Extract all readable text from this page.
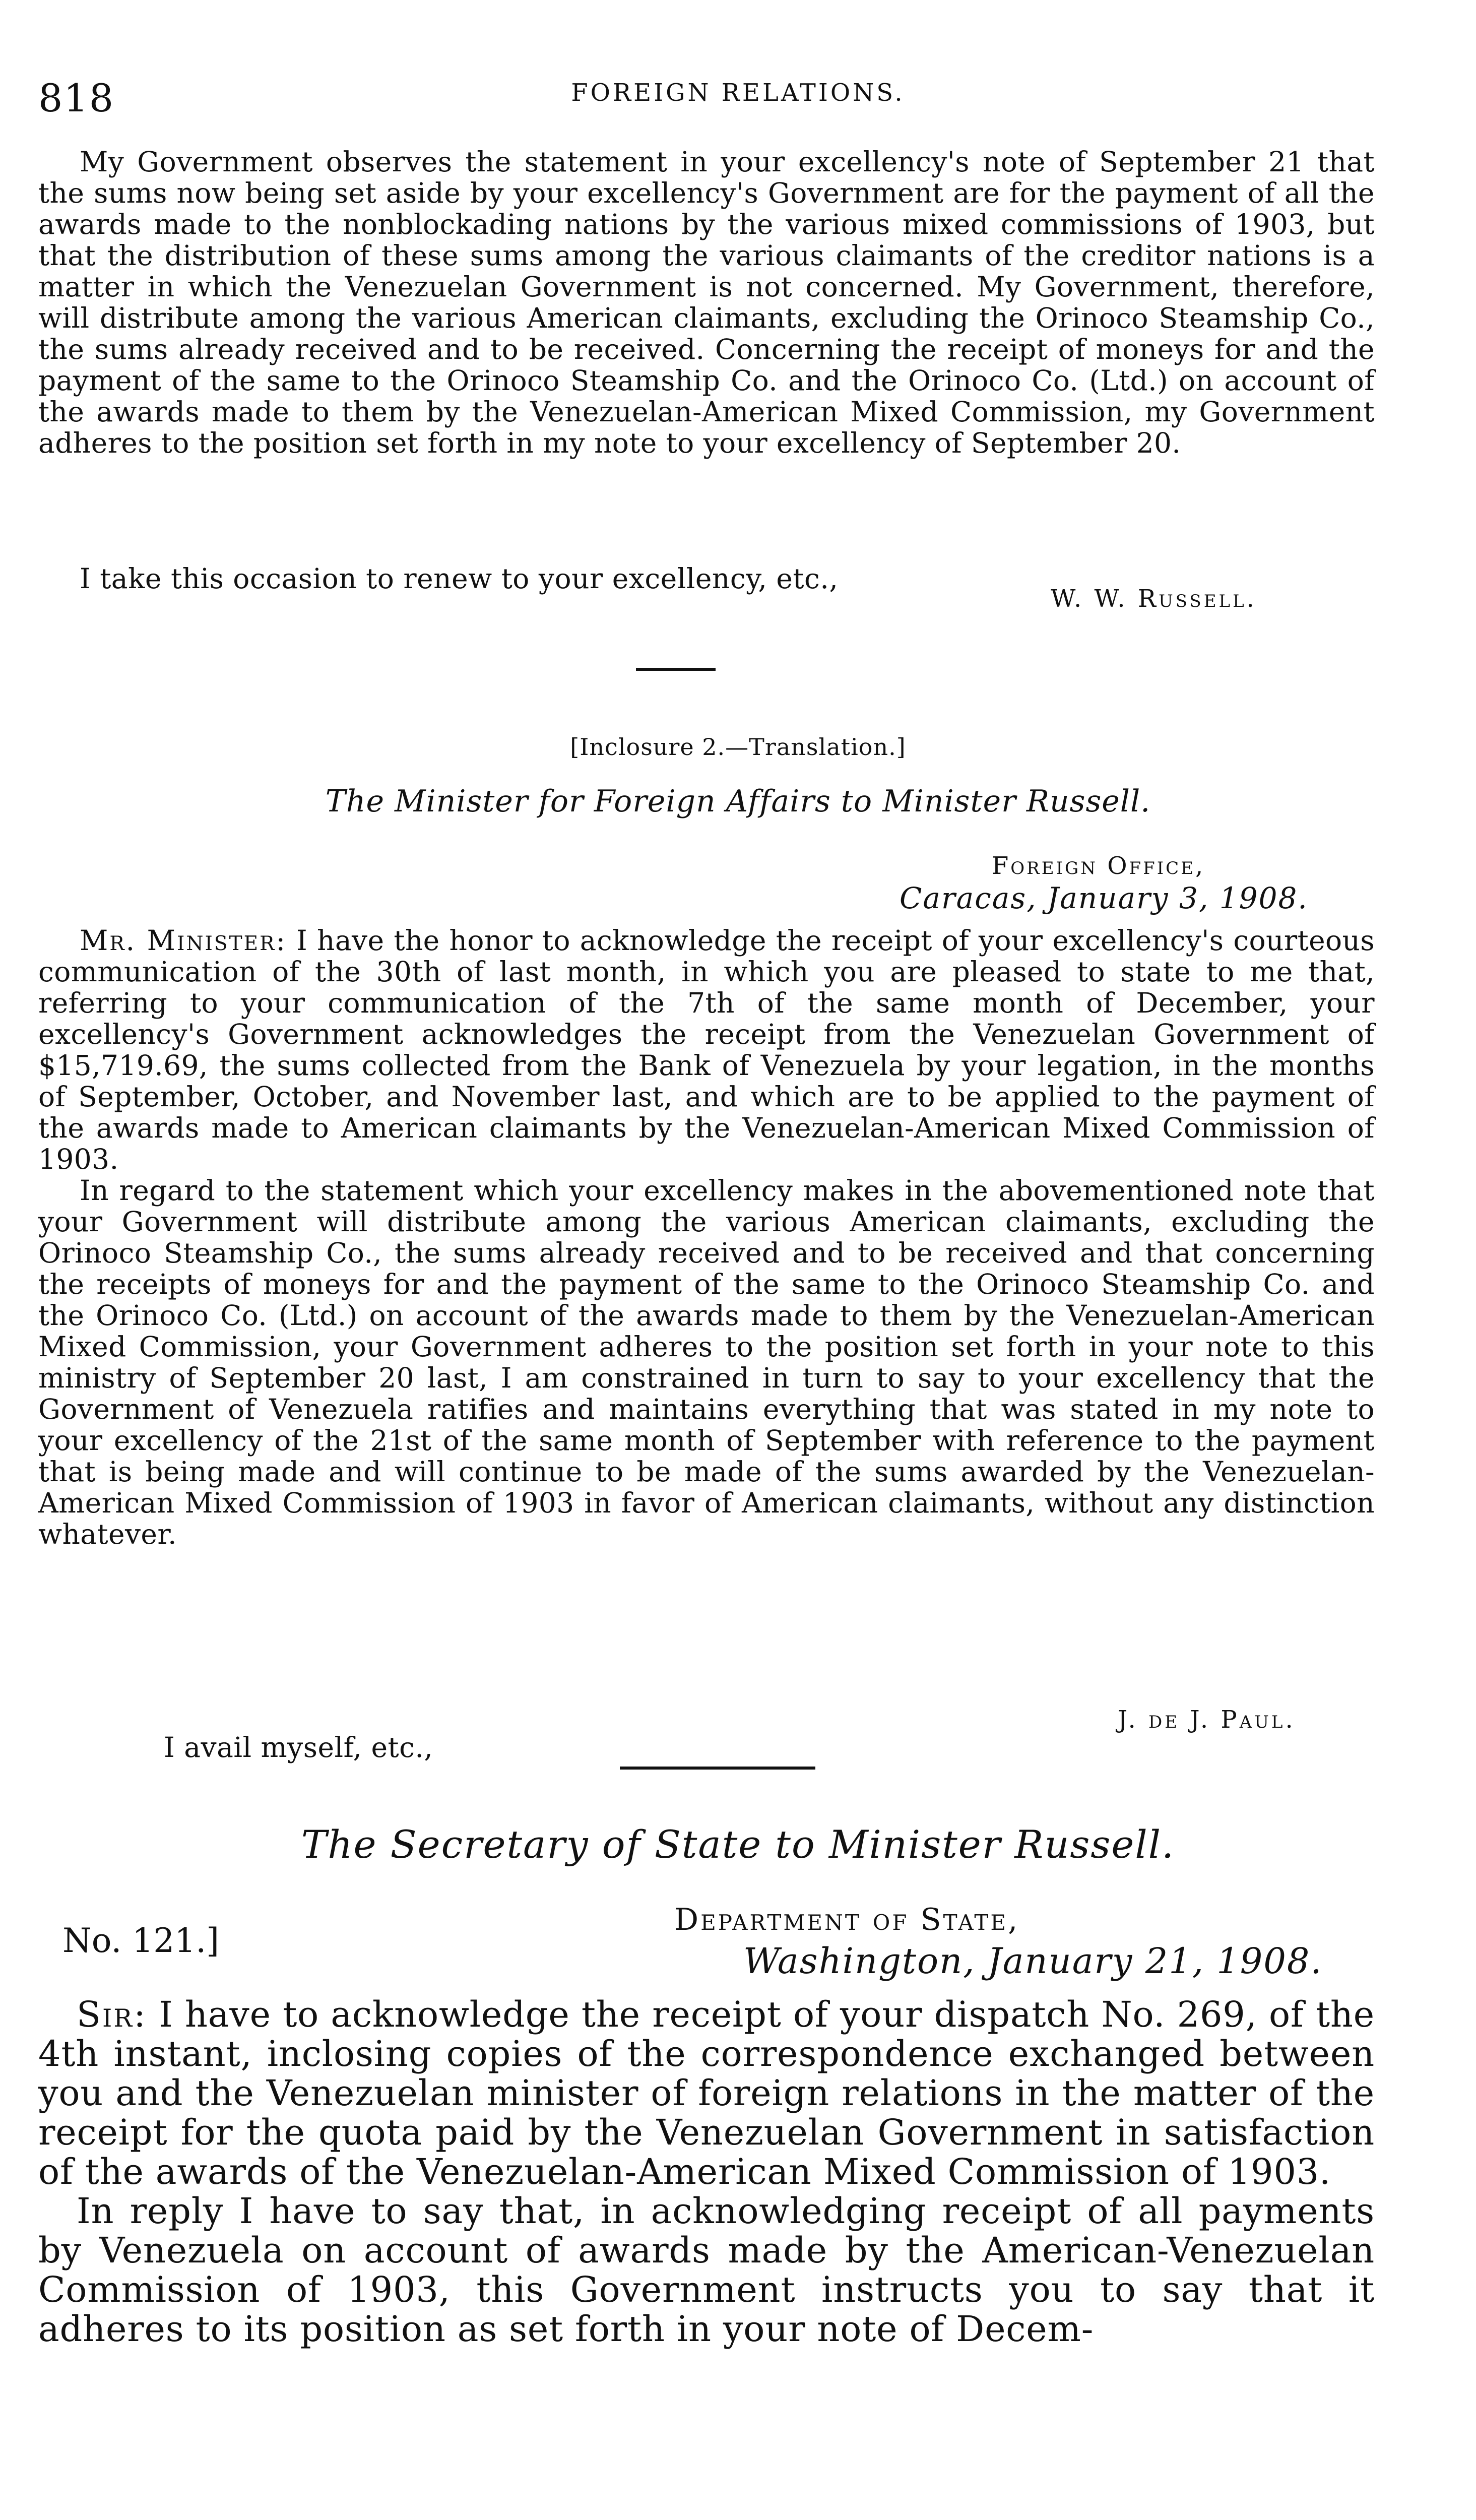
818	FOREIGN RELATIONS.

My Government observes the statement in your excellency's note of September 21 that the sums now being set aside by your excellency's Government are for the payment of all the awards made to the nonblockading nations by the various mixed commissions of 1903, but that the distribution of these sums among the various claimants of the creditor nations is a matter in which the Venezuelan Government is not concerned. My Government, therefore, will distribute among the various American claimants, excluding the Orinoco Steamship Co., the sums already received and to be received. Concerning the receipt of moneys for and the payment of the same to the Orinoco Steamship Co. and the Orinoco Co. (Ltd.) on account of the awards made to them by the Venezuelan-American Mixed Commission, my Government adheres to the position set forth in my note to your excellency of September 20.

I take this occasion to renew to your excellency, etc.,
W. W. Russell.
[Inclosure 2.—Translation.]
The Minister for Foreign Affairs to Minister Russell.
Foreign Office,
Caracas, January 3, 1908.

Mr. Minister: I have the honor to acknowledge the receipt of your excellency's courteous communication of the 30th of last month, in which you are pleased to state to me that, referring to your communication of the 7th of the same month of December, your excellency's Government acknowledges the receipt from the Venezuelan Government of $15,719.69, the sums collected from the Bank of Venezuela by your legation, in the months of September, October, and November last, and which are to be applied to the payment of the awards made to American claimants by the Venezuelan-American Mixed Commission of 1903.

In regard to the statement which your excellency makes in the abovementioned note that your Government will distribute among the various American claimants, excluding the Orinoco Steamship Co., the sums already received and to be received and that concerning the receipts of moneys for and the payment of the same to the Orinoco Steamship Co. and the Orinoco Co. (Ltd.) on account of the awards made to them by the Venezuelan-American Mixed Commission, your Government adheres to the position set forth in your note to this ministry of September 20 last, I am constrained in turn to say to your excellency that the Government of Venezuela ratifies and maintains everything that was stated in my note to your excellency of the 21st of the same month of September with reference to the payment that is being made and will continue to be made of the sums awarded by the Venezuelan-American Mixed Commission of 1903 in favor of American claimants, without any distinction whatever.

I avail myself, etc.,
J. de J. Paul.
The Secretary of State to Minister Russell.
No. 121.]
Department of State,
Washington, January 21, 1908.

Sir: I have to acknowledge the receipt of your dispatch No. 269, of the 4th instant, inclosing copies of the correspondence exchanged between you and the Venezuelan minister of foreign relations in the matter of the receipt for the quota paid by the Venezuelan Government in satisfaction of the awards of the Venezuelan-American Mixed Commission of 1903.

In reply I have to say that, in acknowledging receipt of all payments by Venezuela on account of awards made by the American-Venezuelan Commission of 1903, this Government instructs you to say that it adheres to its position as set forth in your note of Decem-
